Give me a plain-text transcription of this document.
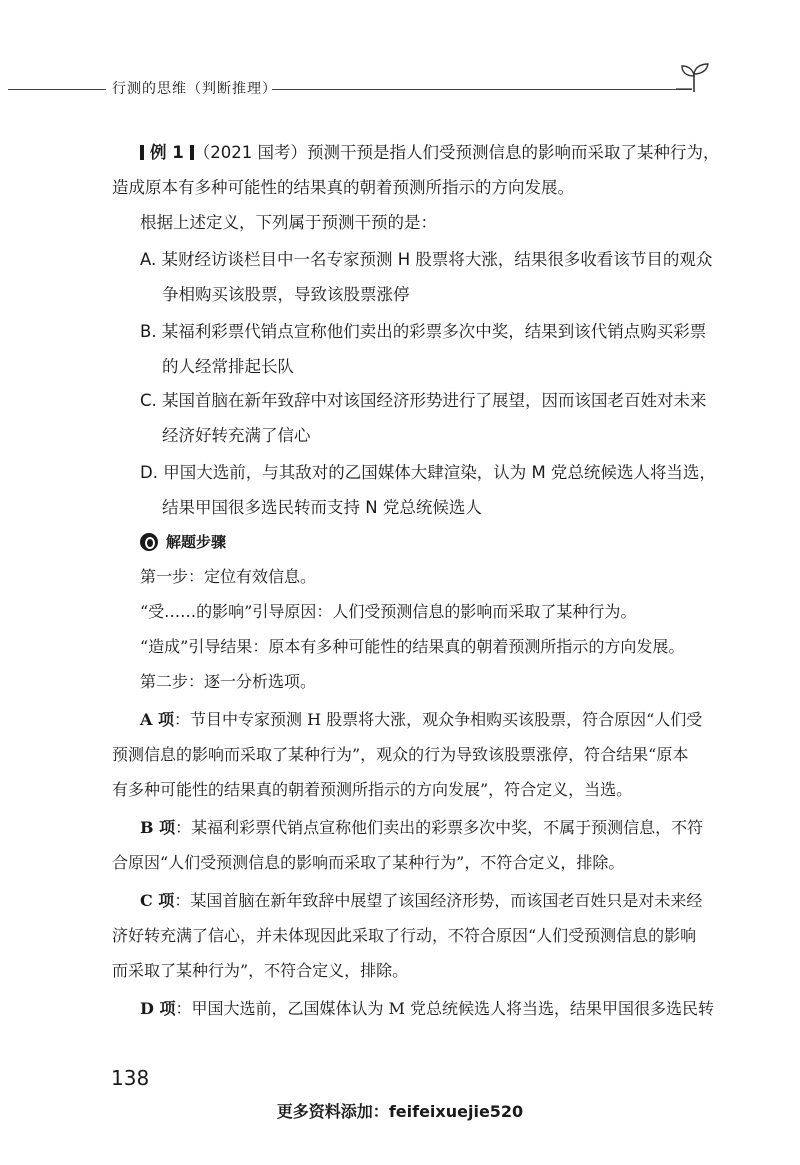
行测的思维（判断推理）
例 1 （2021 国考）预测干预是指人们受预测信息的影响而采取了某种行为，
造成原本有多种可能性的结果真的朝着预测所指示的方向发展。
根据上述定义，下列属于预测干预的是：
A. 某财经访谈栏目中一名专家预测 H 股票将大涨，结果很多收看该节目的观众
争相购买该股票，导致该股票涨停
B. 某福利彩票代销点宣称他们卖出的彩票多次中奖，结果到该代销点购买彩票
的人经常排起长队
C. 某国首脑在新年致辞中对该国经济形势进行了展望，因而该国老百姓对未来
经济好转充满了信心
D. 甲国大选前，与其敌对的乙国媒体大肆渲染，认为 M 党总统候选人将当选，
结果甲国很多选民转而支持 N 党总统候选人
解题步骤
第一步：定位有效信息。
“受……的影响”引导原因：人们受预测信息的影响而采取了某种行为。
“造成”引导结果：原本有多种可能性的结果真的朝着预测所指示的方向发展。
第二步：逐一分析选项。
A 项：节目中专家预测 H 股票将大涨，观众争相购买该股票，符合原因“人们受
预测信息的影响而采取了某种行为”，观众的行为导致该股票涨停，符合结果“原本
有多种可能性的结果真的朝着预测所指示的方向发展”，符合定义，当选。
B 项：某福利彩票代销点宣称他们卖出的彩票多次中奖，不属于预测信息，不符
合原因“人们受预测信息的影响而采取了某种行为”，不符合定义，排除。
C 项：某国首脑在新年致辞中展望了该国经济形势，而该国老百姓只是对未来经
济好转充满了信心，并未体现因此采取了行动，不符合原因“人们受预测信息的影响
而采取了某种行为”，不符合定义，排除。
D 项：甲国大选前，乙国媒体认为 M 党总统候选人将当选，结果甲国很多选民转
138
更多资料添加：feifeixuejie520
